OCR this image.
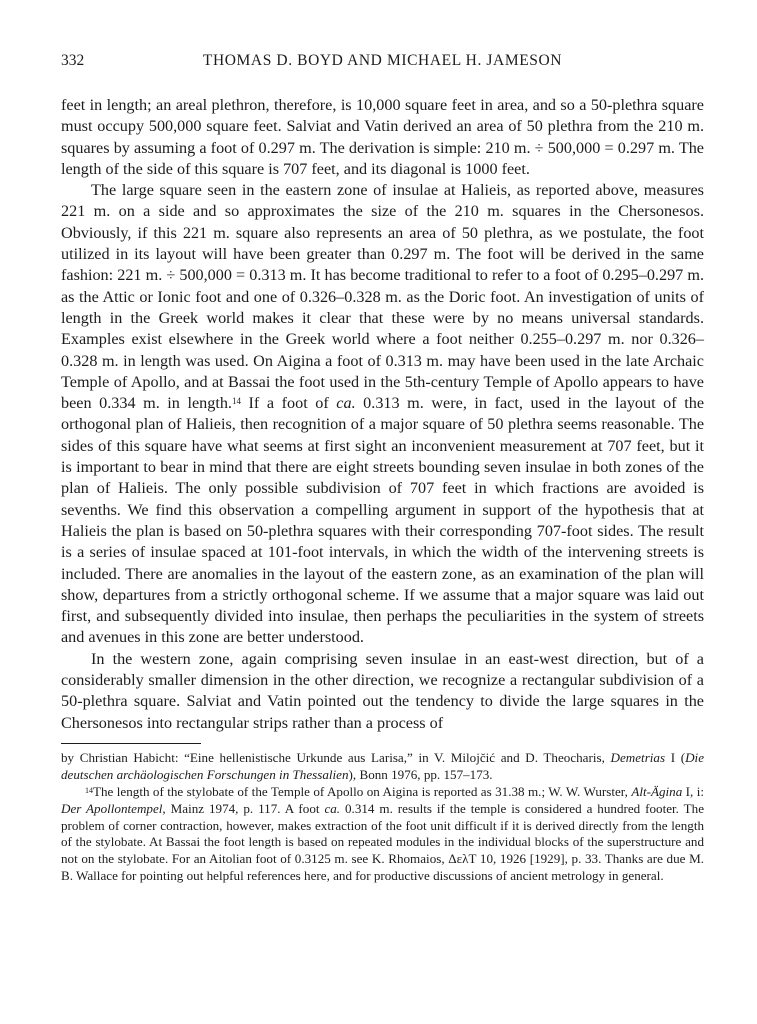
332	THOMAS D. BOYD AND MICHAEL H. JAMESON

feet in length; an areal plethron, therefore, is 10,000 square feet in area, and so a 50-plethra square must occupy 500,000 square feet. Salviat and Vatin derived an area of 50 plethra from the 210 m. squares by assuming a foot of 0.297 m. The derivation is simple: 210 m. ÷ 500,000 = 0.297 m. The length of the side of this square is 707 feet, and its diagonal is 1000 feet.

The large square seen in the eastern zone of insulae at Halieis, as reported above, measures 221 m. on a side and so approximates the size of the 210 m. squares in the Chersonesos. Obviously, if this 221 m. square also represents an area of 50 plethra, as we postulate, the foot utilized in its layout will have been greater than 0.297 m. The foot will be derived in the same fashion: 221 m. ÷ 500,000 = 0.313 m. It has become traditional to refer to a foot of 0.295–0.297 m. as the Attic or Ionic foot and one of 0.326–0.328 m. as the Doric foot. An investigation of units of length in the Greek world makes it clear that these were by no means universal standards. Examples exist elsewhere in the Greek world where a foot neither 0.255–0.297 m. nor 0.326–0.328 m. in length was used. On Aigina a foot of 0.313 m. may have been used in the late Archaic Temple of Apollo, and at Bassai the foot used in the 5th-century Temple of Apollo appears to have been 0.334 m. in length.$^{14}$ If a foot of ca. 0.313 m. were, in fact, used in the layout of the orthogonal plan of Halieis, then recognition of a major square of 50 plethra seems reasonable. The sides of this square have what seems at first sight an inconvenient measurement at 707 feet, but it is important to bear in mind that there are eight streets bounding seven insulae in both zones of the plan of Halieis. The only possible subdivision of 707 feet in which fractions are avoided is sevenths. We find this observation a compelling argument in support of the hypothesis that at Halieis the plan is based on 50-plethra squares with their corresponding 707-foot sides. The result is a series of insulae spaced at 101-foot intervals, in which the width of the intervening streets is included. There are anomalies in the layout of the eastern zone, as an examination of the plan will show, departures from a strictly orthogonal scheme. If we assume that a major square was laid out first, and subsequently divided into insulae, then perhaps the peculiarities in the system of streets and avenues in this zone are better understood.

In the western zone, again comprising seven insulae in an east-west direction, but of a considerably smaller dimension in the other direction, we recognize a rectangular subdivision of a 50-plethra square. Salviat and Vatin pointed out the tendency to divide the large squares in the Chersonesos into rectangular strips rather than a process of

by Christian Habicht: “Eine hellenistische Urkunde aus Larisa,” in V. Milojčić and D. Theocharis, Demetrias I (Die deutschen archäologischen Forschungen in Thessalien), Bonn 1976, pp. 157–173.

$^{14}$The length of the stylobate of the Temple of Apollo on Aigina is reported as 31.38 m.; W. W. Wurster, Alt-Ägina I, i: Der Apollontempel, Mainz 1974, p. 117. A foot ca. 0.314 m. results if the temple is considered a hundred footer. The problem of corner contraction, however, makes extraction of the foot unit difficult if it is derived directly from the length of the stylobate. At Bassai the foot length is based on repeated modules in the individual blocks of the superstructure and not on the stylobate. For an Aitolian foot of 0.3125 m. see K. Rhomaios, ΔελΤ 10, 1926 [1929], p. 33. Thanks are due M. B. Wallace for pointing out helpful references here, and for productive discussions of ancient metrology in general.
